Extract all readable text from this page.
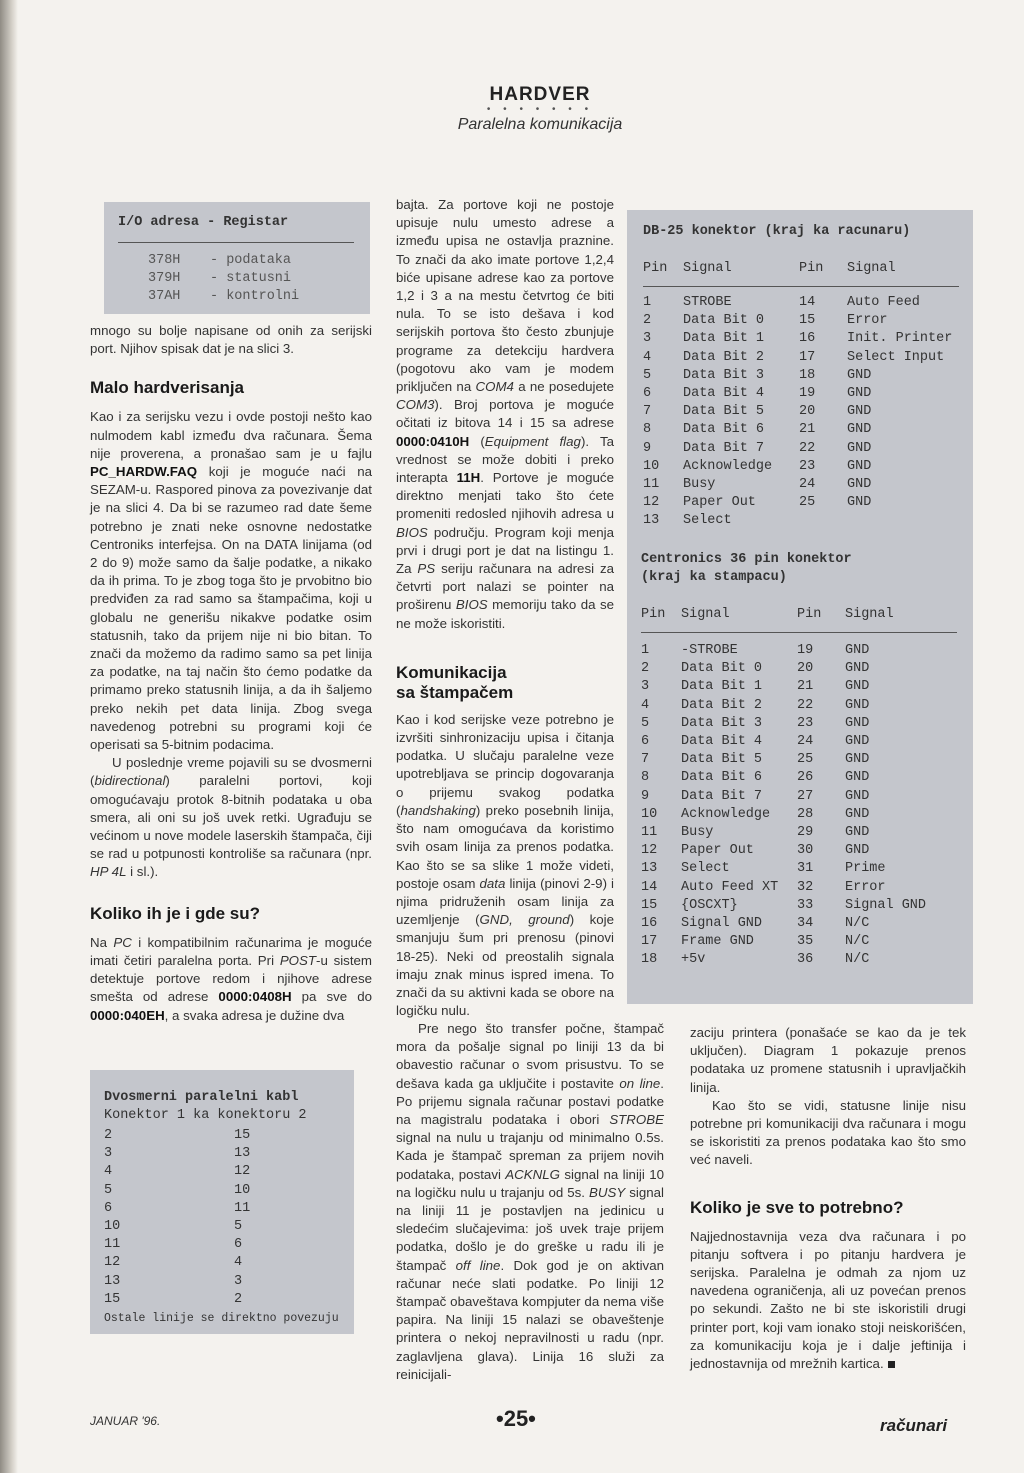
HARDVER
• • • • • • •
Paralelna komunikacija
I/O adresa - Registar
378H	- podataka
379H	- statusni
37AH	- kontrolni

mnogo su bolje napisane od onih za serijski port. Njihov spisak dat je na slici 3.

Malo hardverisanja

Kao i za serijsku vezu i ovde postoji nešto kao nulmodem kabl između dva računara. Šema nije proverena, a pronašao sam je u fajlu PC_HARDW.FAQ koji je moguće naći na SEZAM-u. Raspored pinova za povezivanje dat je na slici 4. Da bi se razumeo rad date šeme potrebno je znati neke osnovne nedostatke Centroniks interfejsa. On na DATA linijama (od 2 do 9) može samo da šalje podatke, a nikako da ih prima. To je zbog toga što je prvobitno bio predviđen za rad samo sa štampačima, koji u globalu ne generišu nikakve podatke osim statusnih, tako da prijem nije ni bio bitan. To znači da možemo da radimo samo sa pet linija za podatke, na taj način što ćemo podatke da primamo preko statusnih linija, a da ih šaljemo preko nekih pet data linija. Zbog svega navedenog potrebni su programi koji će operisati sa 5-bitnim podacima.

U poslednje vreme pojavili su se dvosmerni (bidirectional) paralelni portovi, koji omogućavaju protok 8-bitnih podataka u oba smera, ali oni su još uvek retki. Ugrađuju se većinom u nove modele laserskih štampača, čiji se rad u potpunosti kontroliše sa računara (npr. HP 4L i sl.).

Koliko ih je i gde su?

Na PC i kompatibilnim računarima je moguće imati četiri paralelna porta. Pri POST-u sistem detektuje portove redom i njihove adrese smešta od adrese 0000:0408H pa sve do 0000:040EH, a svaka adresa je dužine dva

Dvosmerni paralelni kabl
Konektor 1 ka konektoru 2
2	15
3	13
4	12
5	10
6	11
10	5
11	6
12	4
13	3
15	2
Ostale linije se direktno povezuju

bajta. Za portove koji ne postoje upisuje nulu umesto adrese a između upisa ne ostavlja praznine. To znači da ako imate portove 1,2,4 biće upisane adrese kao za portove 1,2 i 3 a na mestu četvrtog će biti nula. To se isto dešava i kod serijskih portova što često zbunjuje programe za detekciju hardvera (pogotovu ako vam je modem priključen na COM4 a ne posedujete COM3). Broj portova je moguće očitati iz bitova 14 i 15 sa adrese 0000:0410H (Equipment flag). Ta vrednost se može dobiti i preko interapta 11H. Portove je moguće direktno menjati tako što ćete promeniti redosled njihovih adresa u BIOS području. Program koji menja prvi i drugi port je dat na listingu 1. Za PS seriju računara na adresi za četvrti port nalazi se pointer na proširenu BIOS memoriju tako da se ne može iskoristiti.

Komunikacija sa štampačem

Kao i kod serijske veze potrebno je izvršiti sinhronizaciju upisa i čitanja podatka. U slučaju paralelne veze upotrebljava se princip dogovaranja o prijemu svakog podatka (handshaking) preko posebnih linija, što nam omogućava da koristimo svih osam linija za prenos podatka. Kao što se sa slike 1 može videti, postoje osam data linija (pinovi 2-9) i njima pridruženih osam linija za uzemljenje (GND, ground) koje smanjuju šum pri prenosu (pinovi 18-25). Neki od preostalih signala imaju znak minus ispred imena. To znači da su aktivni kada se obore na logičku nulu.

Pre nego što transfer počne, štampač mora da pošalje signal po liniji 13 da bi obavestio računar o svom prisustvu. To se dešava kada ga uključite i postavite on line. Po prijemu signala računar postavi podatke na magistralu podataka i obori STROBE signal na nulu u trajanju od minimalno 0.5s. Kada je štampač spreman za prijem novih podataka, postavi ACKNLG signal na liniji 10 na logičku nulu u trajanju od 5s. BUSY signal na liniji 11 je postavljen na jedinicu u sledećim slučajevima: još uvek traje prijem podatka, došlo je do greške u radu ili je štampač off line. Dok god je on aktivan računar neće slati podatke. Po liniji 12 štampač obaveštava kompjuter da nema više papira. Na liniji 15 nalazi se obaveštenje printera o nekoj nepravilnosti u radu (npr. zaglavljena glava). Linija 16 služi za reinicijali-

DB-25 konektor (kraj ka racunaru)
Pin	Signal	Pin	Signal
1	STROBE	14	Auto Feed
2	Data Bit 0	15	Error
3	Data Bit 1	16	Init. Printer
4	Data Bit 2	17	Select Input
5	Data Bit 3	18	GND
6	Data Bit 4	19	GND
7	Data Bit 5	20	GND
8	Data Bit 6	21	GND
9	Data Bit 7	22	GND
10	Acknowledge	23	GND
11	Busy	24	GND
12	Paper Out	25	GND
13	Select
Centronics 36 pin konektor
(kraj ka stampacu)
Pin	Signal	Pin	Signal
1	-STROBE	19	GND
2	Data Bit 0	20	GND
3	Data Bit 1	21	GND
4	Data Bit 2	22	GND
5	Data Bit 3	23	GND
6	Data Bit 4	24	GND
7	Data Bit 5	25	GND
8	Data Bit 6	26	GND
9	Data Bit 7	27	GND
10	Acknowledge	28	GND
11	Busy	29	GND
12	Paper Out	30	GND
13	Select	31	Prime
14	Auto Feed XT	32	Error
15	{OSCXT}	33	Signal GND
16	Signal GND	34	N/C
17	Frame GND	35	N/C
18	+5v	36	N/C

zaciju printera (ponašaće se kao da je tek uključen). Diagram 1 pokazuje prenos podataka uz promene statusnih i upravljačkih linija.

Kao što se vidi, statusne linije nisu potrebne pri komunikaciji dva računara i mogu se iskoristiti za prenos podataka kao što smo već naveli.

Koliko je sve to potrebno?

Najjednostavnija veza dva računara i po pitanju softvera i po pitanju hardvera je serijska. Paralelna je odmah za njom uz navedena ograničenja, ali uz povećan prenos po sekundi. Zašto ne bi ste iskoristili drugi printer port, koji vam ionako stoji neiskorišćen, za komunikaciju koja je i dalje jeftinija i jednostavnija od mrežnih kartica.

JANUAR '96.	•25•	računari
